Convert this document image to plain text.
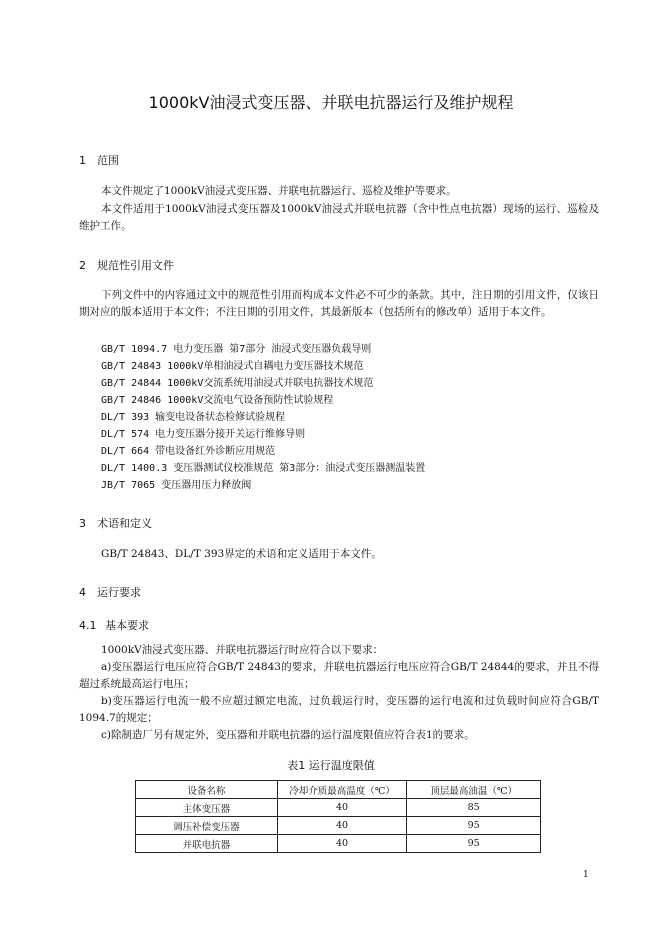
1000kV油浸式变压器、并联电抗器运行及维护规程
1 范围
本文件规定了1000kV油浸式变压器、并联电抗器运行、巡检及维护等要求。
本文件适用于1000kV油浸式变压器及1000kV油浸式并联电抗器（含中性点电抗器）现场的运行、巡检及维护工作。
2 规范性引用文件
下列文件中的内容通过文中的规范性引用而构成本文件必不可少的条款。其中，注日期的引用文件，仅该日期对应的版本适用于本文件；不注日期的引用文件，其最新版本（包括所有的修改单）适用于本文件。
GB/T 1094.7 电力变压器 第7部分 油浸式变压器负载导则
GB/T 24843 1000kV单相油浸式自耦电力变压器技术规范
GB/T 24844 1000kV交流系统用油浸式并联电抗器技术规范
GB/T 24846 1000kV交流电气设备预防性试验规程
DL/T 393 输变电设备状态检修试验规程
DL/T 574 电力变压器分接开关运行维修导则
DL/T 664 带电设备红外诊断应用规范
DL/T 1400.3 变压器测试仪校准规范 第3部分：油浸式变压器测温装置
JB/T 7065 变压器用压力释放阀
3 术语和定义
GB/T 24843、DL/T 393界定的术语和定义适用于本文件。
4 运行要求
4.1 基本要求
1000kV油浸式变压器、并联电抗器运行时应符合以下要求：
a)变压器运行电压应符合GB/T 24843的要求，并联电抗器运行电压应符合GB/T 24844的要求，并且不得超过系统最高运行电压；
b)变压器运行电流一般不应超过额定电流，过负载运行时，变压器的运行电流和过负载时间应符合GB/T 1094.7的规定；
c)除制造厂另有规定外，变压器和并联电抗器的运行温度限值应符合表1的要求。
表1 运行温度限值
设备名称	冷却介质最高温度（℃）	顶层最高油温（℃）
主体变压器	40	85
调压补偿变压器	40	95
并联电抗器	40	95
1
